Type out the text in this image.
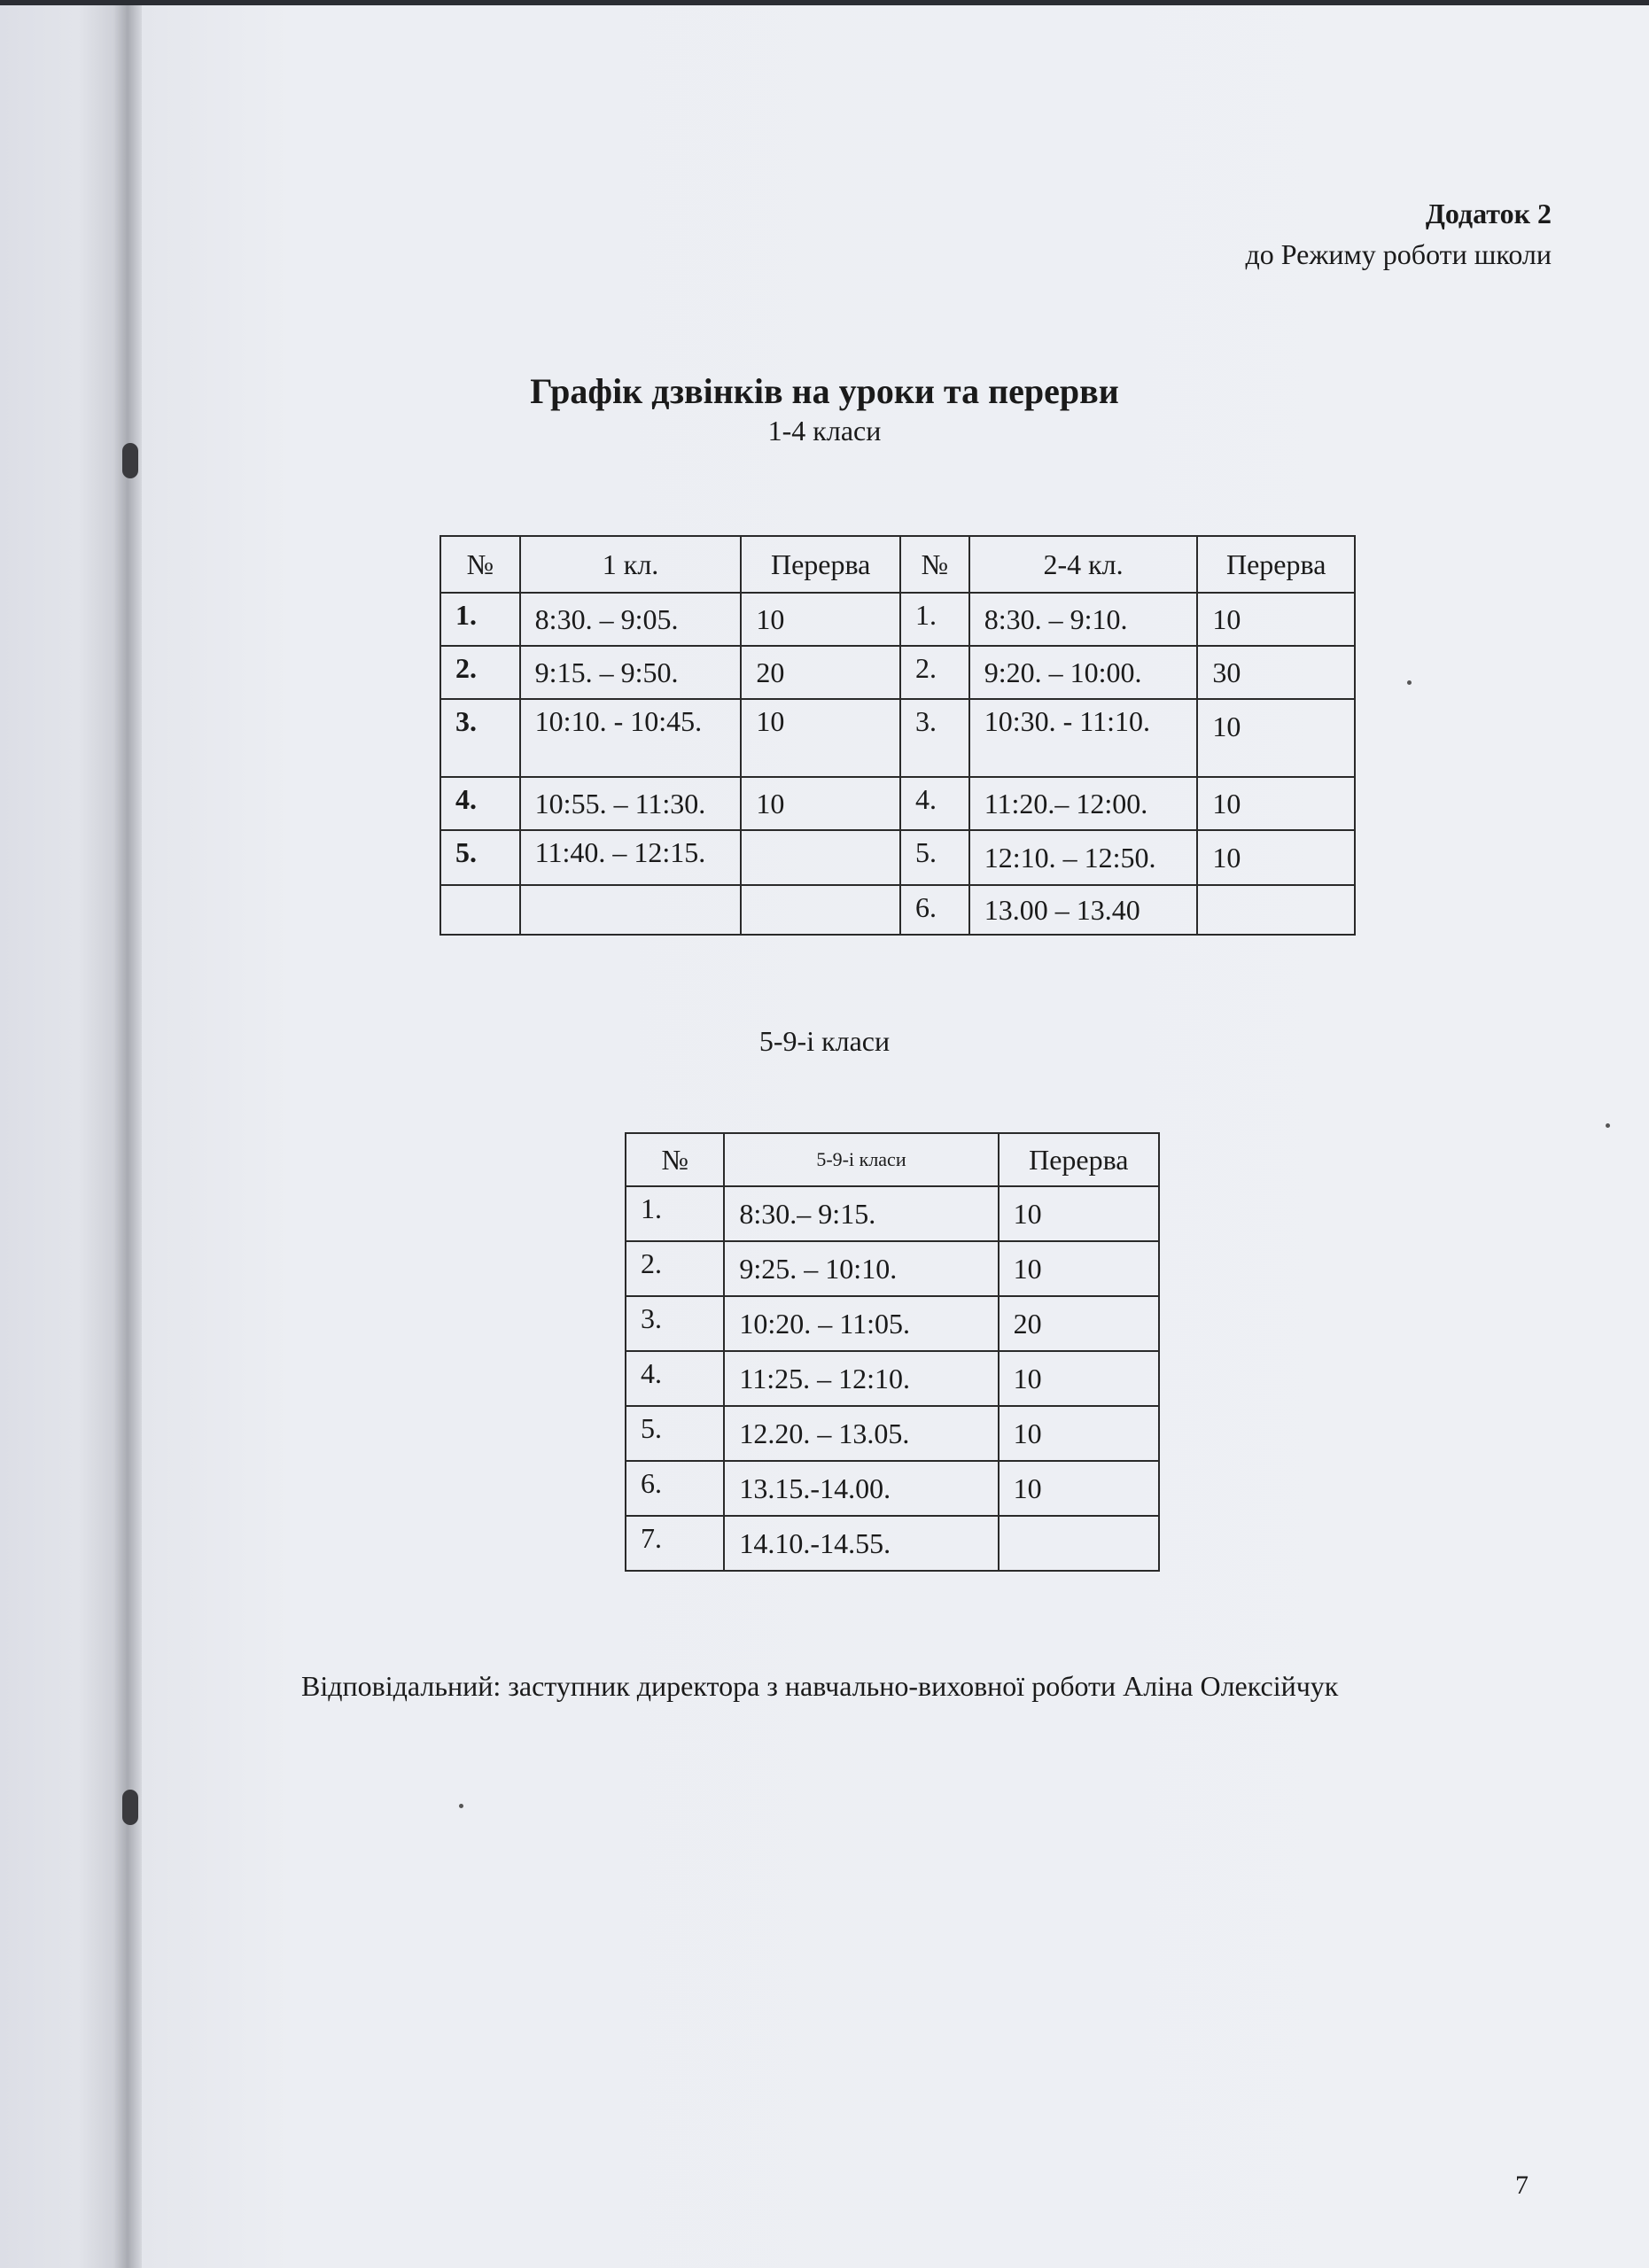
Додаток 2
до Режиму роботи школи
Графік дзвінків на уроки та перерви
1-4 класи
№	1 кл.	Перерва	№	2-4 кл.	Перерва
1.	8:30. – 9:05.	10	1.	8:30. – 9:10.	10
2.	9:15. – 9:50.	20	2.	9:20. – 10:00.	30
3.	10:10. - 10:45.	10	3.	10:30. - 11:10.	10
4.	10:55. – 11:30.	10	4.	11:20.– 12:00.	10
5.	11:40. – 12:15.		5.	12:10. – 12:50.	10
			6.	13.00 – 13.40	
5-9-і класи
№	5-9-і класи	Перерва
1.	8:30.– 9:15.	10
2.	9:25. – 10:10.	10
3.	10:20. – 11:05.	20
4.	11:25. – 12:10.	10
5.	12.20. – 13.05.	10
6.	13.15.-14.00.	10
7.	14.10.-14.55.	
Відповідальний: заступник директора з навчально-виховної роботи Аліна Олексійчук
7
